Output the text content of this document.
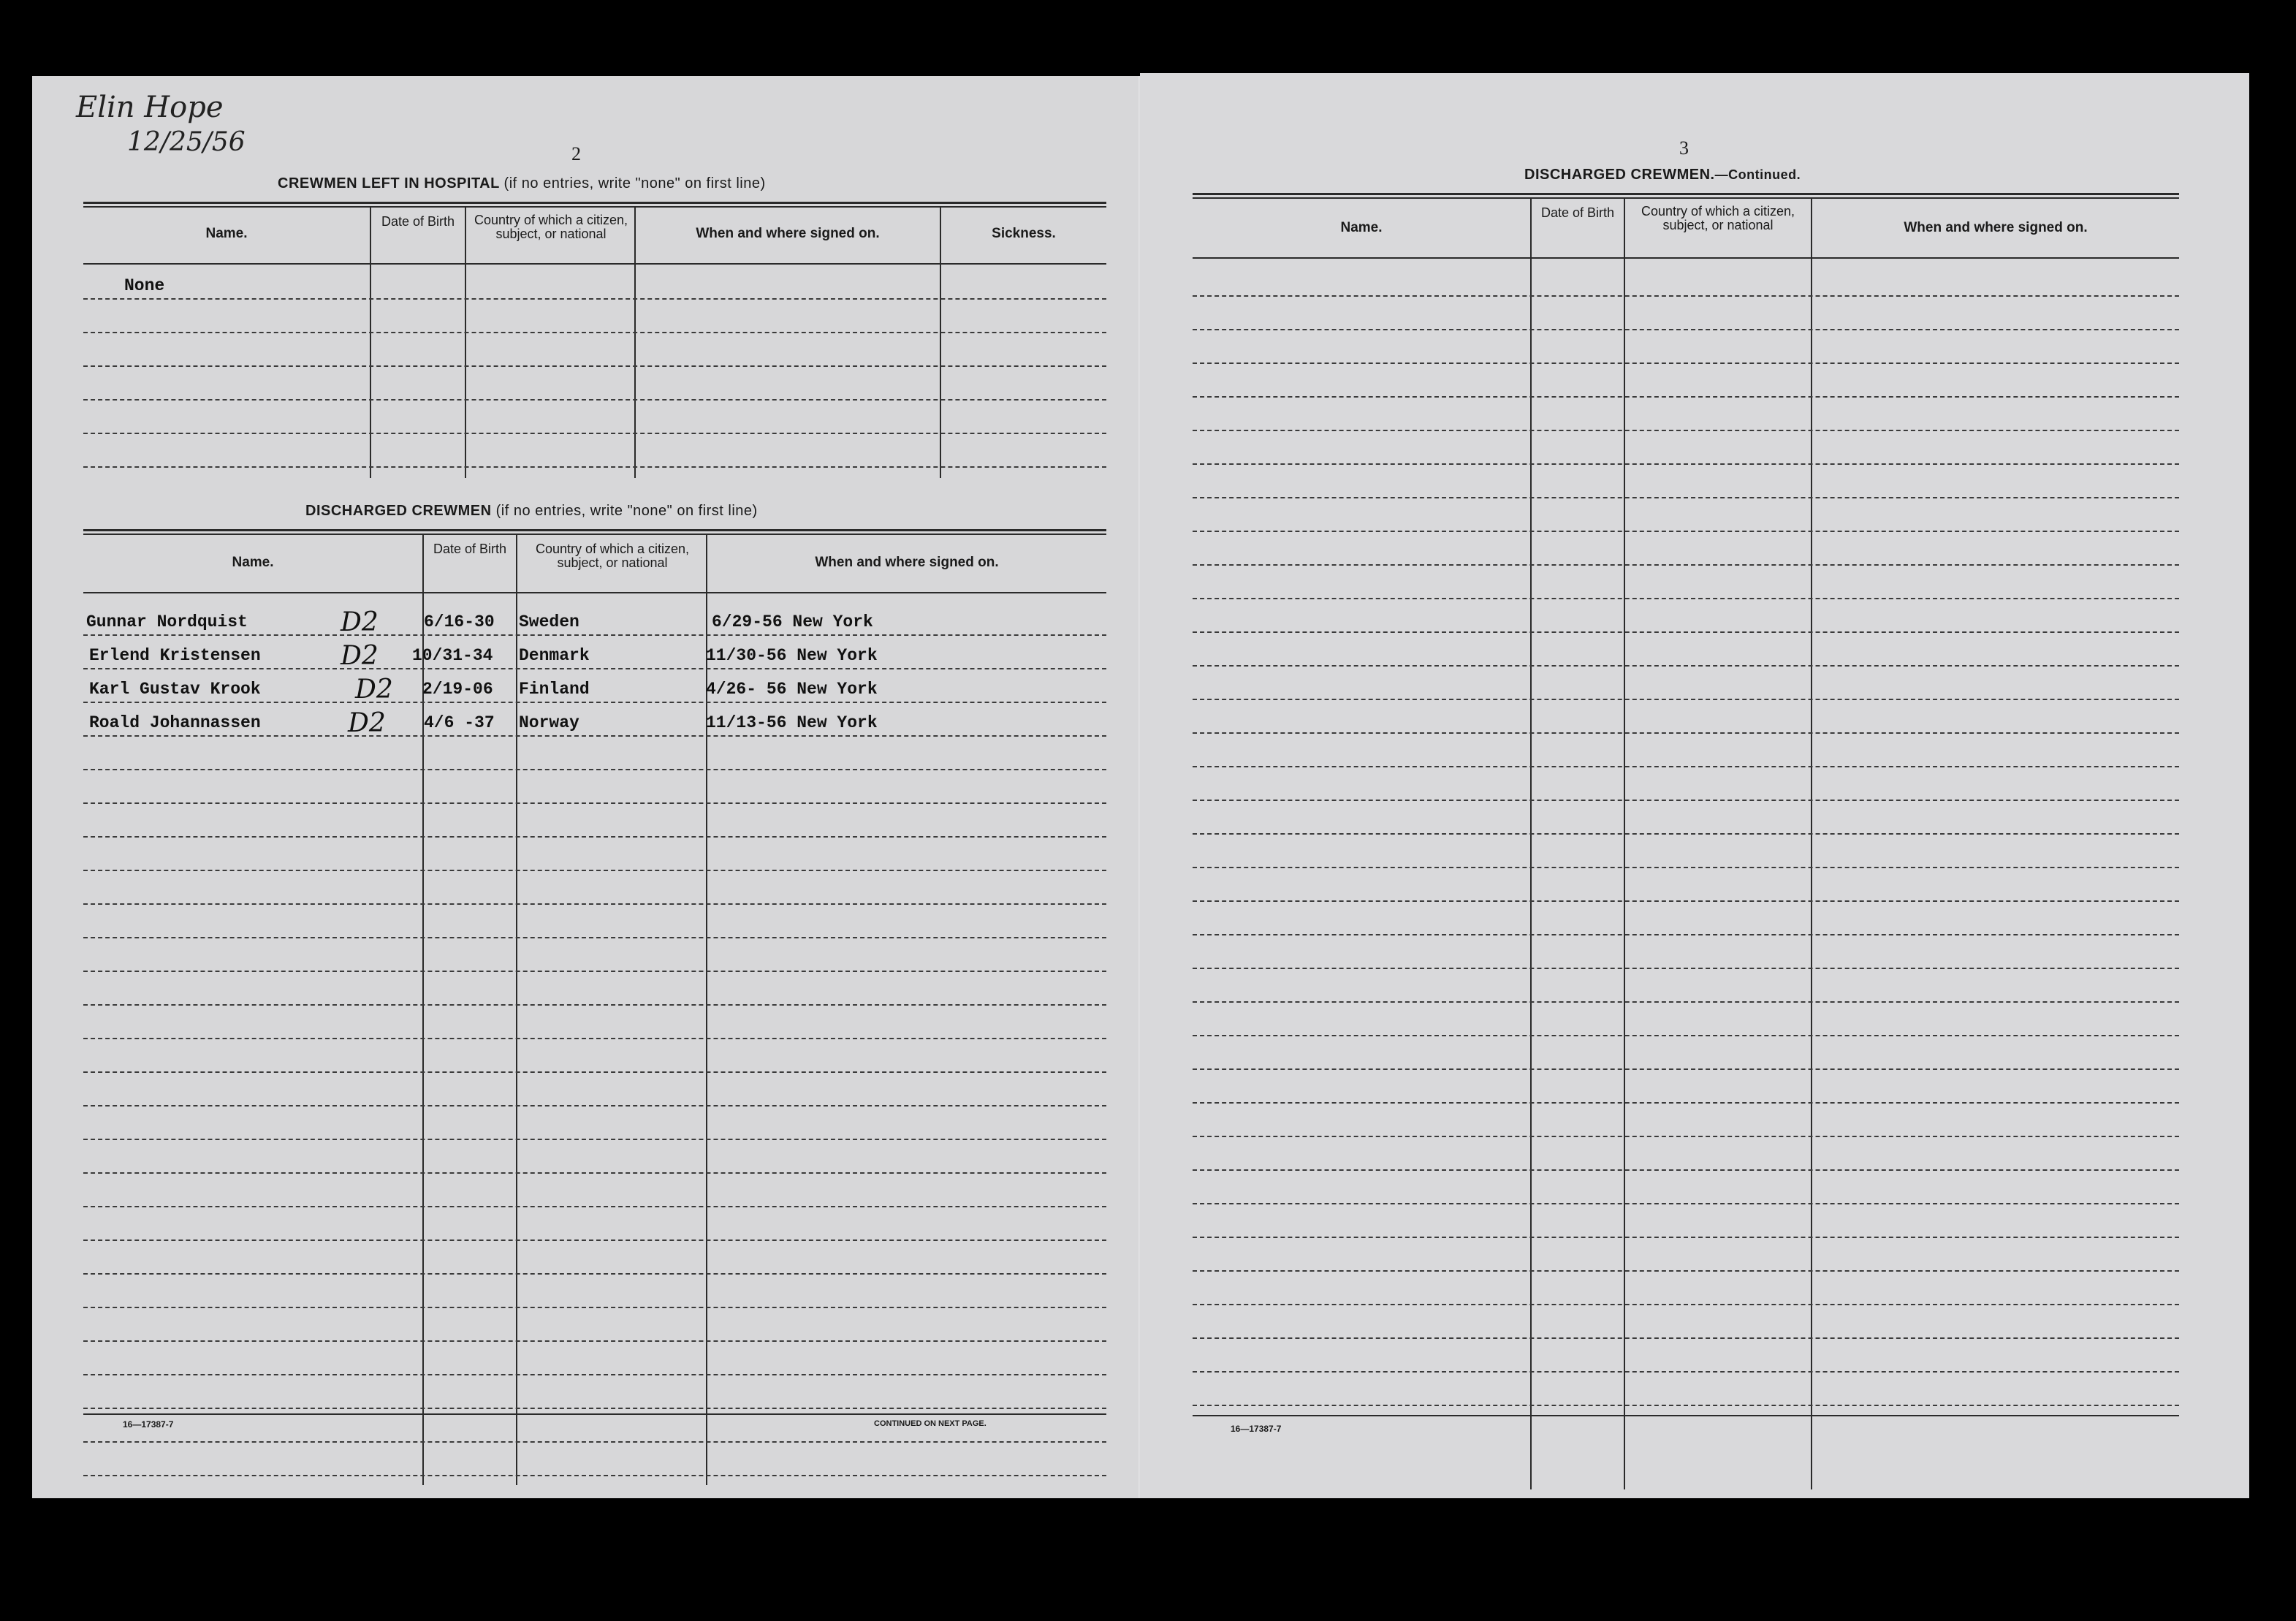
Elin Hope
12/25/56	2
CREWMEN LEFT IN HOSPITAL (if no entries, write "none" on first line)
Name.
Date of Birth	Country of which a citizen, subject, or national	When and where signed on.	Sickness.
None
DISCHARGED CREWMEN (if no entries, write "none" on first line)
Name.
Date of Birth	Country of which a citizen, subject, or national	When and where signed on.
Gunnar Nordquist	D2	6/16-30 Sweden	6/29-56 New York
Erlend Kristensen	D2 10/31-34 Denmark	11/30-56 New York
Karl Gustav Krook	D2 2/19-06 Finland	4/26- 56 New York
Roald Johannassen	D2 4/6 -37 Norway	11/13-56 New York
16—17387-7	CONTINUED ON NEXT PAGE.
3
DISCHARGED CREWMEN.—Continued.
Name.
Date of Birth	Country of which a citizen, subject, or national	When and where signed on.
16—17387-7
